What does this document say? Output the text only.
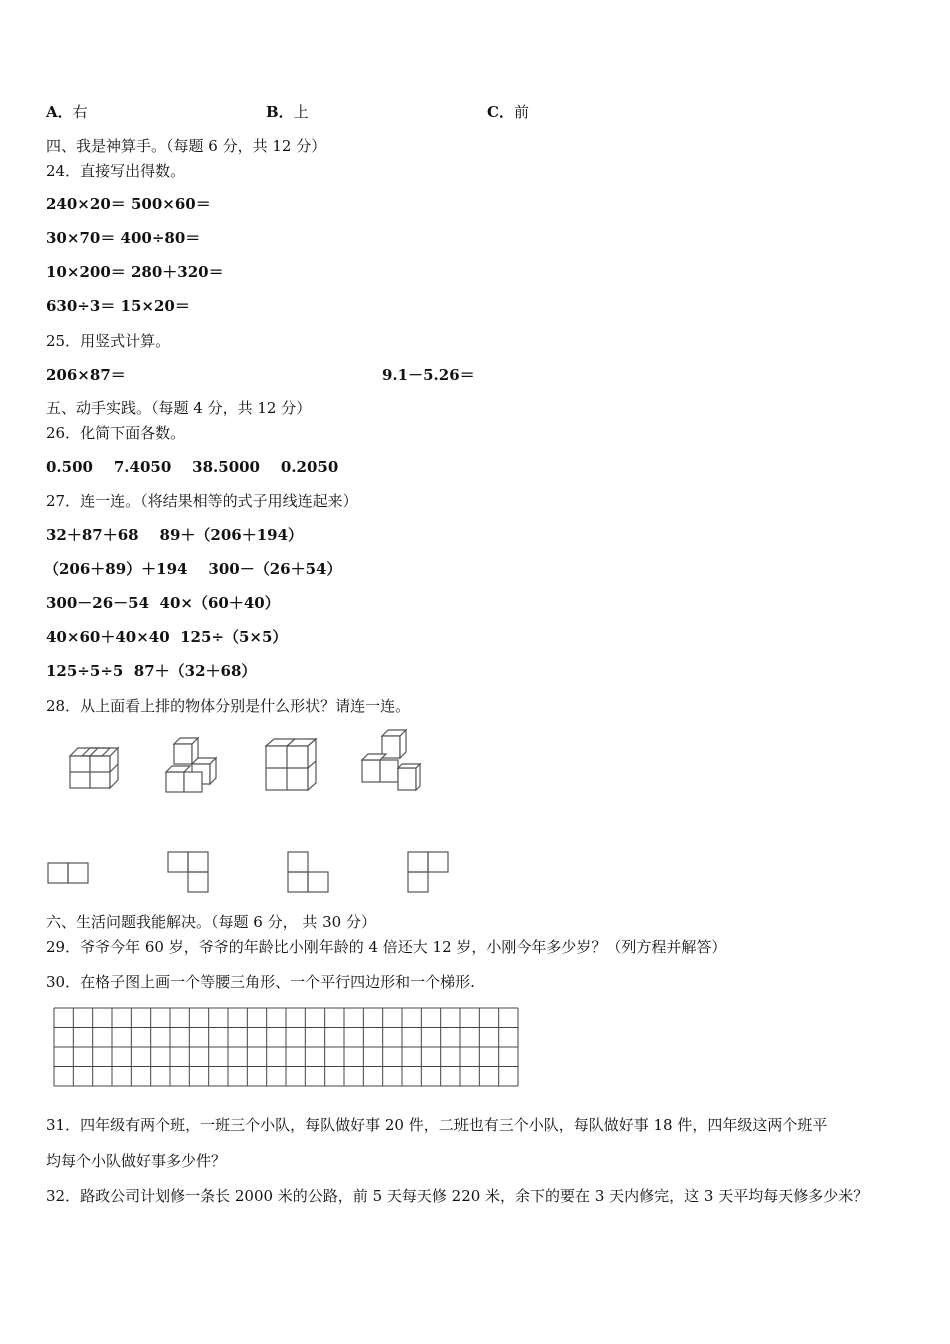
A．右	B．上	C．前
四、我是神算手。（每题 6 分，共 12 分）
24．直接写出得数。
240×20＝ 500×60＝
30×70＝ 400÷80＝
10×200＝ 280＋320＝
630÷3＝ 15×20＝
25．用竖式计算。
206×87＝	9.1－5.26＝
五、动手实践。（每题 4 分，共 12 分）
26．化简下面各数。
0.500    7.4050    38.5000    0.2050
27．连一连。（将结果相等的式子用线连起来）
32＋87＋68    89＋（206＋194）
（206＋89）＋194    300－（26＋54）
300－26－54  40×（60＋40）
40×60＋40×40  125÷（5×5）
125÷5÷5  87＋（32＋68）
28．从上面看上排的物体分别是什么形状？请连一连。
六、生活问题我能解决。（每题 6 分， 共 30 分）
29．爷爷今年 60 岁，爷爷的年龄比小刚年龄的 4 倍还大 12 岁，小刚今年多少岁？（列方程并解答）
30．在格子图上画一个等腰三角形、一个平行四边形和一个梯形.
31．四年级有两个班，一班三个小队，每队做好事 20 件，二班也有三个小队，每队做好事 18 件，四年级这两个班平
均每个小队做好事多少件？
32．路政公司计划修一条长 2000 米的公路，前 5 天每天修 220 米，余下的要在 3 天内修完，这 3 天平均每天修多少米？
